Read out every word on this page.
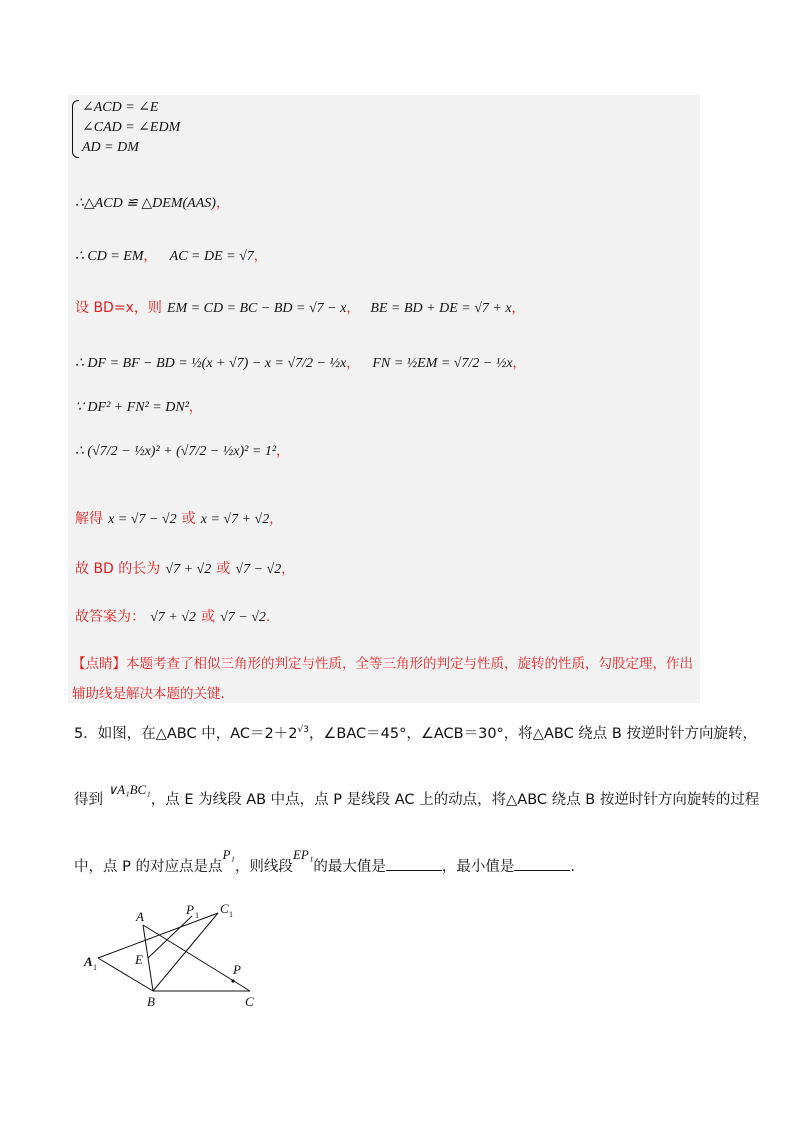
∠ACD = ∠E
∠CAD = ∠EDM
AD = DM
∴△ACD ≌ △DEM(AAS)，
∴ CD = EM， AC = DE = √7，
设 BD=x，则 EM = CD = BC − BD = √7 − x， BE = BD + DE = √7 + x，
∴ DF = BF − BD = ½(x + √7) − x = √7/2 − ½x， FN = ½EM = √7/2 − ½x，
∵ DF² + FN² = DN²，
∴ (√7/2 − ½x)² + (√7/2 − ½x)² = 1²，
解得 x = √7 − √2 或 x = √7 + √2，
故 BD 的长为 √7 + √2 或 √7 − √2，
故答案为： √7 + √2 或 √7 − √2.
【点睛】本题考查了相似三角形的判定与性质，全等三角形的判定与性质，旋转的性质，勾股定理，作出
辅助线是解决本题的关键.
5．如图，在△ABC 中，$AC=2+2^{√3}$，∠BAC＝45°，∠ACB＝30°，将△ABC 绕点 B 按逆时针方向旋转，
得到 ∨A₁BC₁，点 E 为线段 AB 中点，点 P 是线段 AC 上的动点，将△ABC 绕点 B 按逆时针方向旋转的过程
中，点 P 的对应点是点P₁，则线段EP₁的最大值是	，最小值是	.
A	P 1 C 1
A 1
E
P
B	C
